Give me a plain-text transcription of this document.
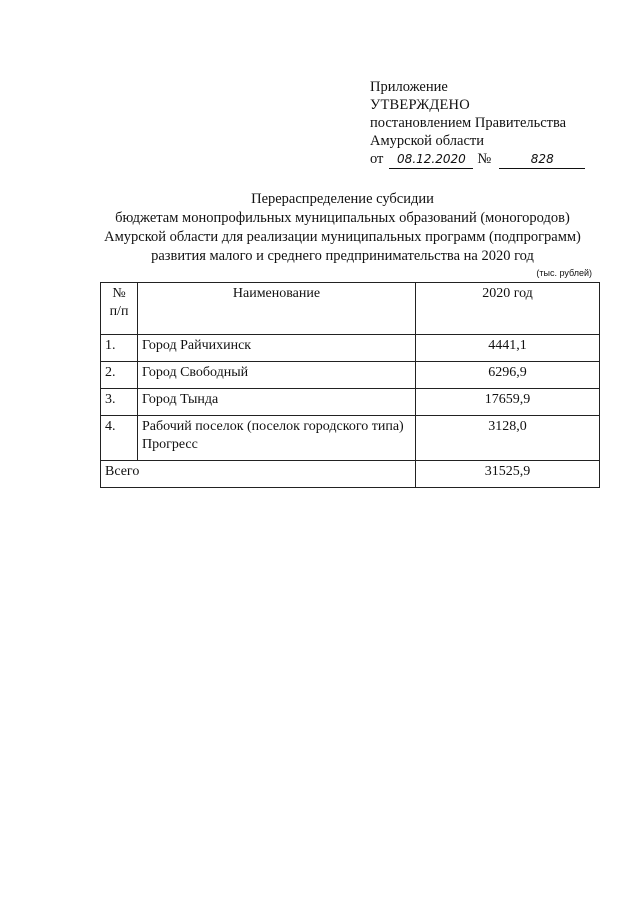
Приложение
УТВЕРЖДЕНО
постановлением Правительства
Амурской области
от	08.12.2020 №	828
Перераспределение субсидии
бюджетам монопрофильных муниципальных образований (моногородов)
Амурской области для реализации муниципальных программ (подпрограмм)
развития малого и среднего предпринимательства на 2020 год
(тыс. рублей)
№ п/п	Наименование	2020 год
1.	Город Райчихинск	4441,1
2.	Город Свободный	6296,9
3.	Город Тында	17659,9
4.	Рабочий поселок (поселок городского типа) Прогресс	3128,0
Всего		31525,9
